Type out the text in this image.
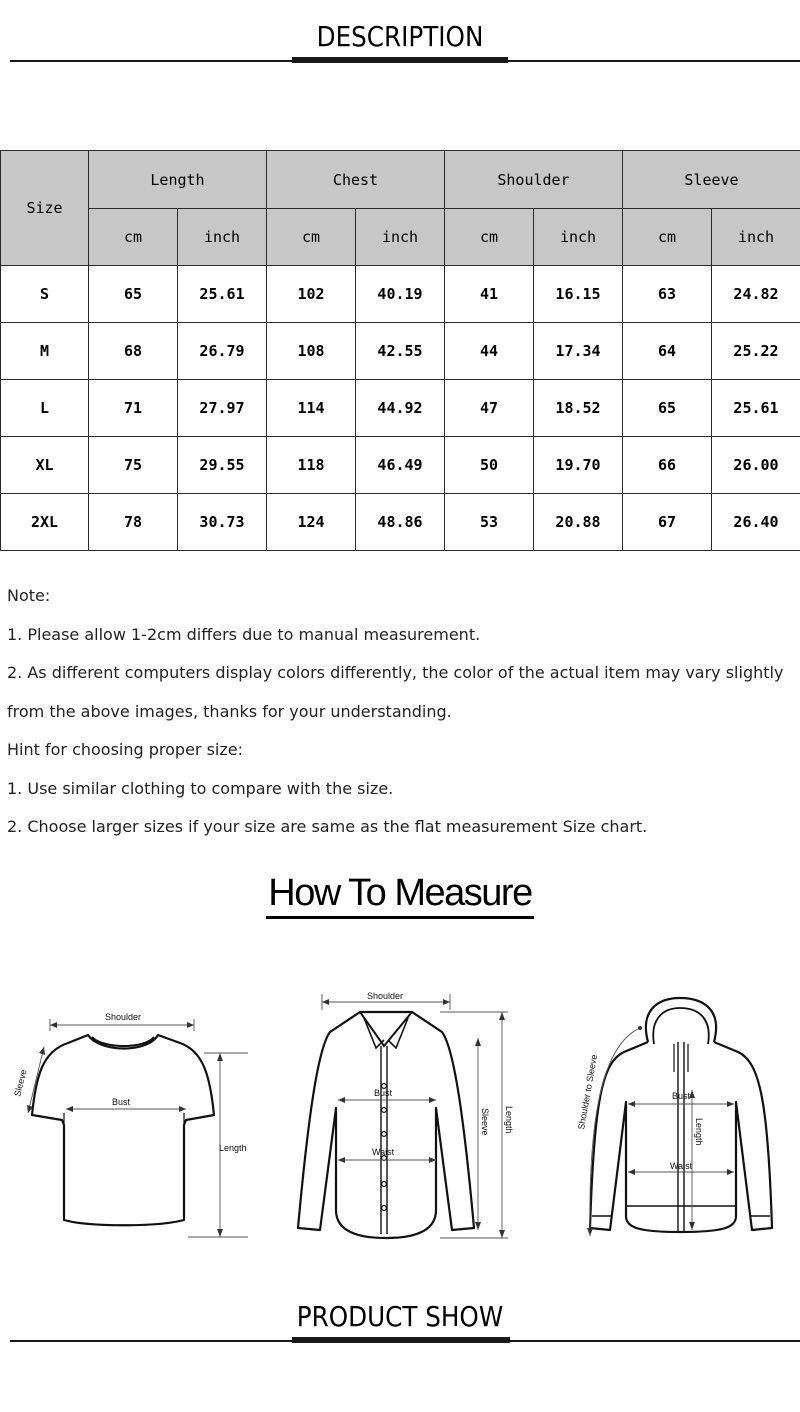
DESCRIPTION
Size	Length		Chest		Shoulder		Sleeve	
	cm	inch	cm	inch	cm	inch	cm	inch
S	65	25.61	102	40.19	41	16.15	63	24.82
M	68	26.79	108	42.55	44	17.34	64	25.22
L	71	27.97	114	44.92	47	18.52	65	25.61
XL	75	29.55	118	46.49	50	19.70	66	26.00
2XL	78	30.73	124	48.86	53	20.88	67	26.40

Note:

1. Please allow 1-2cm differs due to manual measurement.

2. As different computers display colors differently, the color of the actual item may vary slightly

from the above images, thanks for your understanding.

Hint for choosing proper size:

1. Use similar clothing to compare with the size.

2. Choose larger sizes if your size are same as the flat measurement Size chart.

How To Measure
Shoulder
Sleeve
Bust
Length
Shoulder
Bust
Waist
Sleeve Length	Shoulder to Sleeve	Bust
Waist
Length
PRODUCT SHOW
